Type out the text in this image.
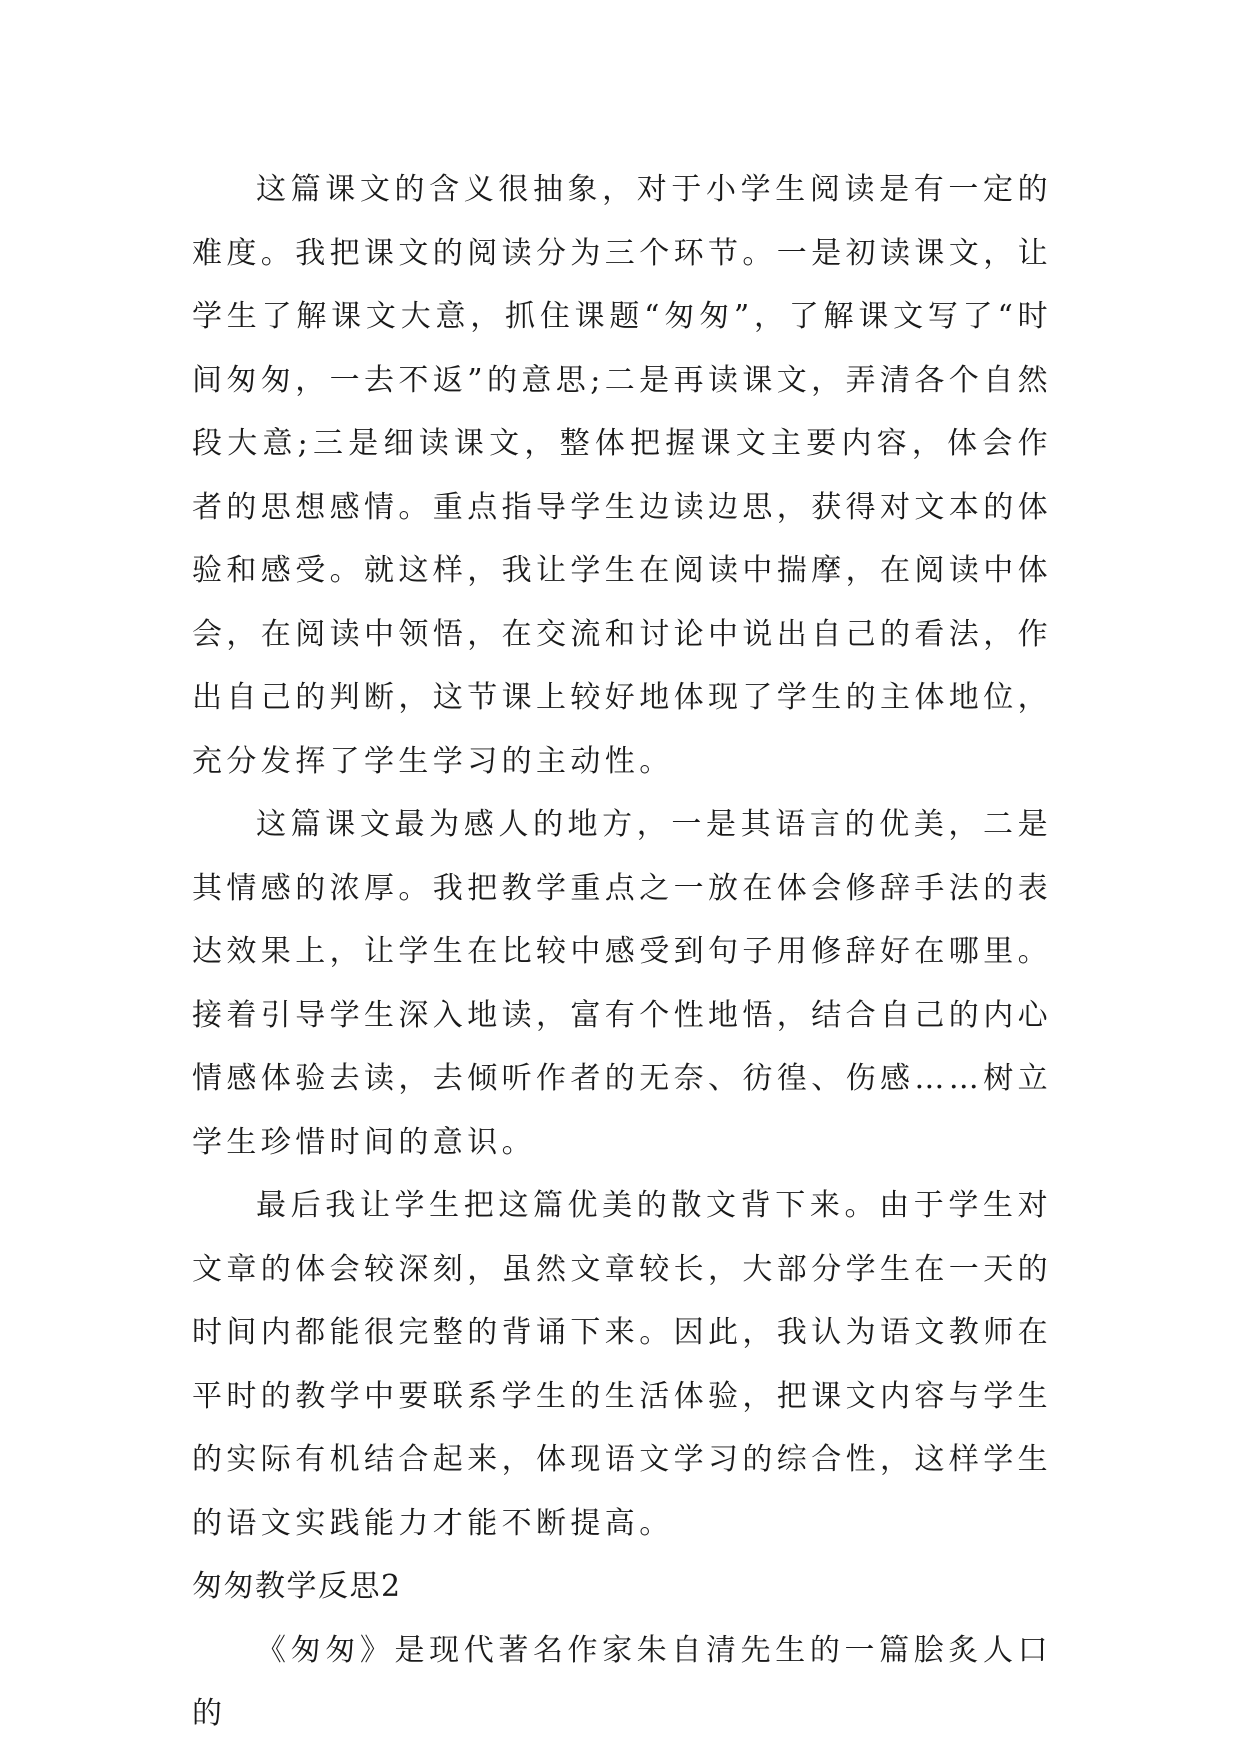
这篇课文的含义很抽象，对于小学生阅读是有一定的难度。我把课文的阅读分为三个环节。一是初读课文，让学生了解课文大意，抓住课题“匆匆”，了解课文写了“时间匆匆，一去不返”的意思;二是再读课文，弄清各个自然段大意;三是细读课文，整体把握课文主要内容，体会作者的思想感情。重点指导学生边读边思，获得对文本的体验和感受。就这样，我让学生在阅读中揣摩，在阅读中体会，在阅读中领悟，在交流和讨论中说出自己的看法，作出自己的判断，这节课上较好地体现了学生的主体地位，充分发挥了学生学习的主动性。

这篇课文最为感人的地方，一是其语言的优美，二是其情感的浓厚。我把教学重点之一放在体会修辞手法的表达效果上，让学生在比较中感受到句子用修辞好在哪里。接着引导学生深入地读，富有个性地悟，结合自己的内心情感体验去读，去倾听作者的无奈、彷徨、伤感……树立学生珍惜时间的意识。

最后我让学生把这篇优美的散文背下来。由于学生对文章的体会较深刻，虽然文章较长，大部分学生在一天的时间内都能很完整的背诵下来。因此，我认为语文教师在平时的教学中要联系学生的生活体验，把课文内容与学生的实际有机结合起来，体现语文学习的综合性，这样学生的语文实践能力才能不断提高。

匆匆教学反思2

《匆匆》是现代著名作家朱自清先生的一篇脍炙人口的
